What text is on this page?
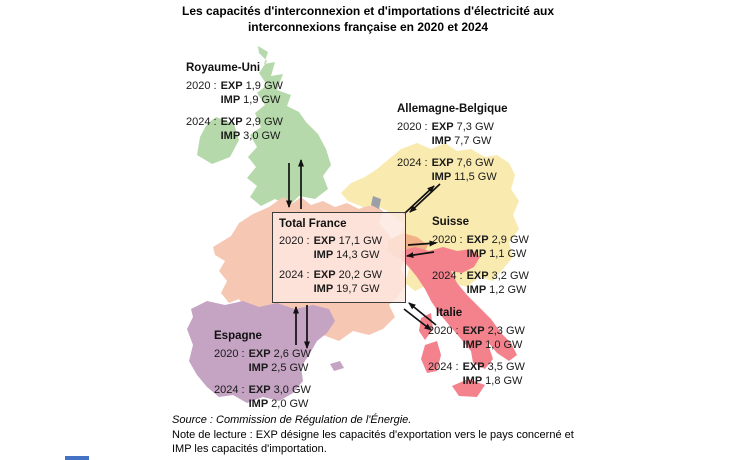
Les capacités d'interconnexion et d'importations d'électricité aux
interconnexions française en 2020 et 2024
Royaume-Uni
2020 : EXP 1,9 GW
IMP 1,9 GW
2024 : EXP 2,9 GW
IMP 3,0 GW
Allemagne-Belgique
2020 : EXP 7,3 GW
IMP 7,7 GW
2024 : EXP 7,6 GW
IMP 11,5 GW
Total France
2020 : EXP 17,1 GW
IMP 14,3 GW
2024 : EXP 20,2 GW
IMP 19,7 GW
Suisse
2020 : EXP 2,9 GW
IMP 1,1 GW
2024 : EXP 3,2 GW
IMP 1,2 GW
Italie
2020 : EXP 2,3 GW
IMP 1,0 GW
2024 : EXP 3,5 GW
IMP 1,8 GW
Espagne
2020 : EXP 2,6 GW
IMP 2,5 GW
2024 : EXP 3,0 GW
IMP 2,0 GW
Source : Commission de Régulation de l'Énergie.
Note de lecture : EXP désigne les capacités d'exportation vers le pays concerné et IMP les capacités d'importation.
